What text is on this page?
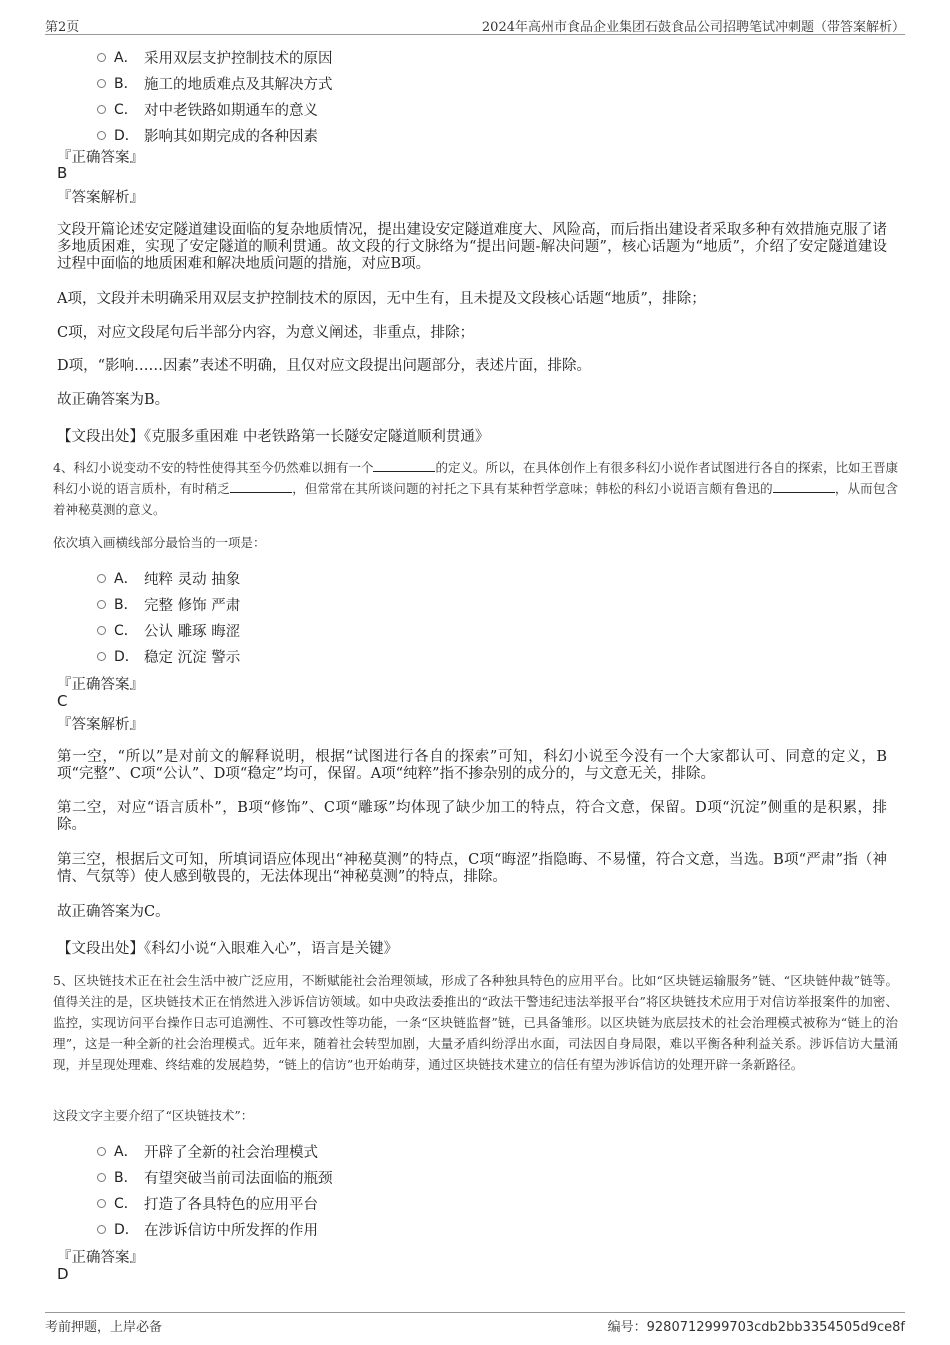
第2页	2024年高州市食品企业集团石鼓食品公司招聘笔试冲刺题（带答案解析）
A． 采用双层支护控制技术的原因
B． 施工的地质难点及其解决方式
C． 对中老铁路如期通车的意义
D． 影响其如期完成的各种因素
『正确答案』
B
『答案解析』
文段开篇论述安定隧道建设面临的复杂地质情况，提出建设安定隧道难度大、风险高，而后指出建设者采取多种有效措施克服了诸多地质困难，实现了安定隧道的顺利贯通。故文段的行文脉络为“提出问题-解决问题”，核心话题为“地质”，介绍了安定隧道建设过程中面临的地质困难和解决地质问题的措施，对应B项。
A项，文段并未明确采用双层支护控制技术的原因，无中生有，且未提及文段核心话题“地质”，排除；
C项，对应文段尾句后半部分内容，为意义阐述，非重点，排除；
D项，“影响……因素”表述不明确，且仅对应文段提出问题部分，表述片面，排除。
故正确答案为B。
【文段出处】《克服多重困难 中老铁路第一长隧安定隧道顺利贯通》
4、科幻小说变动不安的特性使得其至今仍然难以拥有一个	的定义。所以，在具体创作上有很多科幻小说作者试图进行各自的探索，比如王晋康科幻小说的语言质朴，有时稍乏	，但常常在其所谈问题的衬托之下具有某种哲学意味；韩松的科幻小说语言颇有鲁迅的	，从而包含着神秘莫测的意义。
依次填入画横线部分最恰当的一项是：
A． 纯粹 灵动 抽象
B． 完整 修饰 严肃
C． 公认 雕琢 晦涩
D． 稳定 沉淀 警示
『正确答案』
C
『答案解析』
第一空，“所以”是对前文的解释说明，根据“试图进行各自的探索”可知，科幻小说至今没有一个大家都认可、同意的定义，B项“完整”、C项“公认”、D项“稳定”均可，保留。A项“纯粹”指不掺杂别的成分的，与文意无关，排除。
第二空，对应“语言质朴”，B项“修饰”、C项“雕琢”均体现了缺少加工的特点，符合文意，保留。D项“沉淀”侧重的是积累，排除。
第三空，根据后文可知，所填词语应体现出“神秘莫测”的特点，C项“晦涩”指隐晦、不易懂，符合文意，当选。B项“严肃”指（神情、气氛等）使人感到敬畏的，无法体现出“神秘莫测”的特点，排除。
故正确答案为C。
【文段出处】《科幻小说“入眼难入心”，语言是关键》
5、区块链技术正在社会生活中被广泛应用，不断赋能社会治理领域，形成了各种独具特色的应用平台。比如“区块链运输服务”链、“区块链仲裁”链等。值得关注的是，区块链技术正在悄然进入涉诉信访领域。如中央政法委推出的“政法干警违纪违法举报平台”将区块链技术应用于对信访举报案件的加密、监控，实现访问平台操作日志可追溯性、不可篡改性等功能，一条“区块链监督”链，已具备雏形。以区块链为底层技术的社会治理模式被称为“链上的治理”，这是一种全新的社会治理模式。近年来，随着社会转型加剧，大量矛盾纠纷浮出水面，司法因自身局限，难以平衡各种利益关系。涉诉信访大量涌现，并呈现处理难、终结难的发展趋势，“链上的信访”也开始萌芽，通过区块链技术建立的信任有望为涉诉信访的处理开辟一条新路径。
这段文字主要介绍了“区块链技术”：
A． 开辟了全新的社会治理模式
B． 有望突破当前司法面临的瓶颈
C． 打造了各具特色的应用平台
D． 在涉诉信访中所发挥的作用
『正确答案』
D
考前押题，上岸必备	编号：9280712999703cdb2bb3354505d9ce8f
